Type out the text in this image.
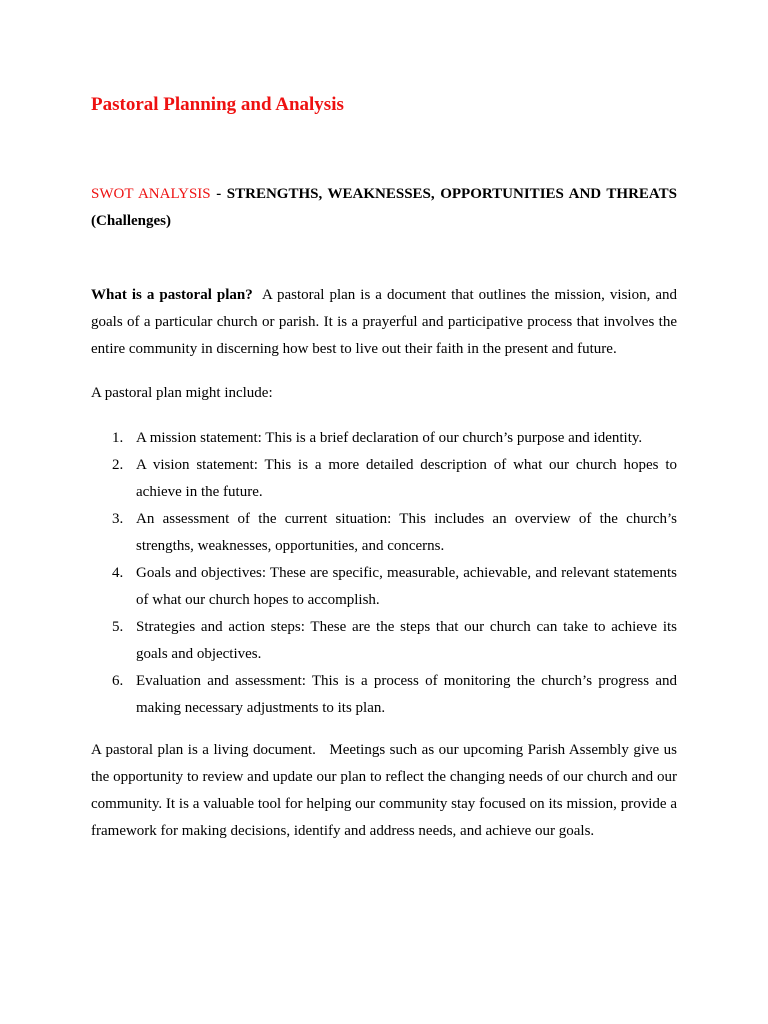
Pastoral Planning and Analysis

SWOT ANALYSIS - STRENGTHS, WEAKNESSES, OPPORTUNITIES AND THREATS (Challenges)

What is a pastoral plan?  A pastoral plan is a document that outlines the mission, vision, and goals of a particular church or parish. It is a prayerful and participative process that involves the entire community in discerning how best to live out their faith in the present and future.

A pastoral plan might include:

1. A mission statement: This is a brief declaration of our church’s purpose and identity.
2. A vision statement: This is a more detailed description of what our church hopes to achieve in the future.
3. An assessment of the current situation: This includes an overview of the church’s strengths, weaknesses, opportunities, and concerns.
4. Goals and objectives: These are specific, measurable, achievable, and relevant statements of what our church hopes to accomplish.
5. Strategies and action steps: These are the steps that our church can take to achieve its goals and objectives.
6. Evaluation and assessment: This is a process of monitoring the church’s progress and making necessary adjustments to its plan.

A pastoral plan is a living document.   Meetings such as our upcoming Parish Assembly give us the opportunity to review and update our plan to reflect the changing needs of our church and our community. It is a valuable tool for helping our community stay focused on its mission, provide a framework for making decisions, identify and address needs, and achieve our goals.
